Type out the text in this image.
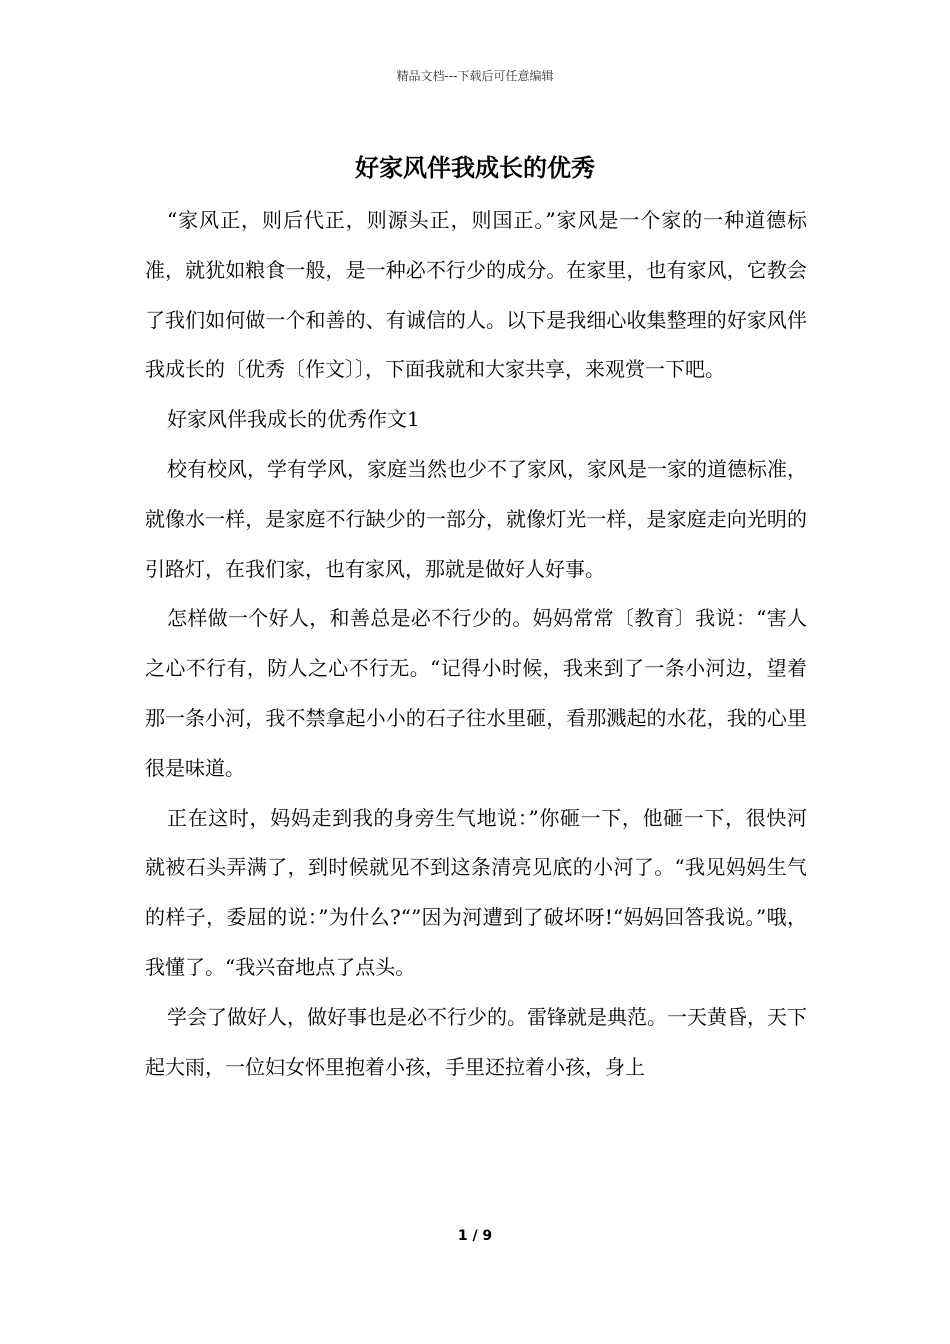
精品文档---下载后可任意编辑
好家风伴我成长的优秀

“家风正，则后代正，则源头正，则国正。”家风是一个家的一种道德标准，就犹如粮食一般，是一种必不行少的成分。在家里，也有家风，它教会了我们如何做一个和善的、有诚信的人。以下是我细心收集整理的好家风伴我成长的〔优秀〔作文〕〕，下面我就和大家共享，来观赏一下吧。

好家风伴我成长的优秀作文1

校有校风，学有学风，家庭当然也少不了家风，家风是一家的道德标准，就像水一样，是家庭不行缺少的一部分，就像灯光一样，是家庭走向光明的引路灯，在我们家，也有家风，那就是做好人好事。

怎样做一个好人，和善总是必不行少的。妈妈常常〔教育〕我说：“害人之心不行有，防人之心不行无。“记得小时候，我来到了一条小河边，望着那一条小河，我不禁拿起小小的石子往水里砸，看那溅起的水花，我的心里很是味道。

正在这时，妈妈走到我的身旁生气地说：”你砸一下，他砸一下，很快河就被石头弄满了，到时候就见不到这条清亮见底的小河了。“我见妈妈生气的样子，委屈的说：”为什么?“”因为河遭到了破坏呀!“妈妈回答我说。”哦，我懂了。“我兴奋地点了点头。

学会了做好人，做好事也是必不行少的。雷锋就是典范。一天黄昏，天下起大雨，一位妇女怀里抱着小孩，手里还拉着小孩，身上

1 / 9
